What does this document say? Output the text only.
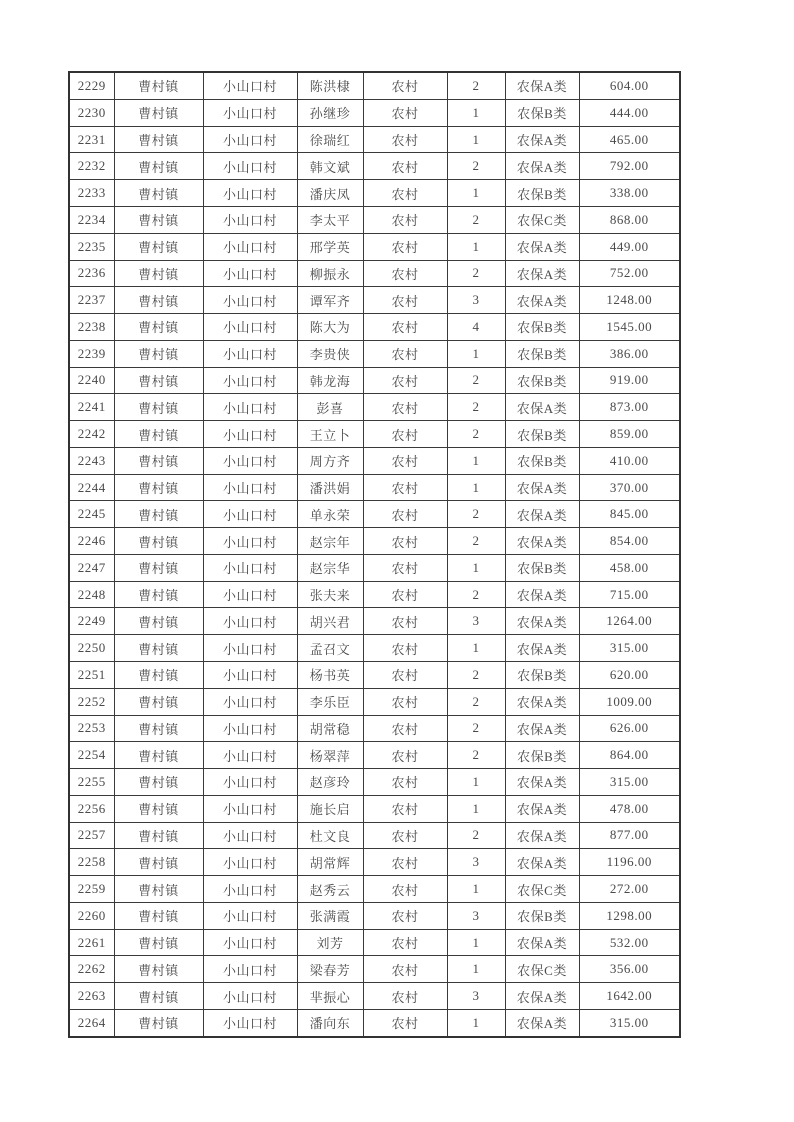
2229	曹村镇	小山口村	陈洪棣	农村	2	农保A类	604.00
2230	曹村镇	小山口村	孙继珍	农村	1	农保B类	444.00
2231	曹村镇	小山口村	徐瑞红	农村	1	农保A类	465.00
2232	曹村镇	小山口村	韩文斌	农村	2	农保A类	792.00
2233	曹村镇	小山口村	潘庆凤	农村	1	农保B类	338.00
2234	曹村镇	小山口村	李太平	农村	2	农保C类	868.00
2235	曹村镇	小山口村	邢学英	农村	1	农保A类	449.00
2236	曹村镇	小山口村	柳振永	农村	2	农保A类	752.00
2237	曹村镇	小山口村	谭军齐	农村	3	农保A类	1248.00
2238	曹村镇	小山口村	陈大为	农村	4	农保B类	1545.00
2239	曹村镇	小山口村	李贵侠	农村	1	农保B类	386.00
2240	曹村镇	小山口村	韩龙海	农村	2	农保B类	919.00
2241	曹村镇	小山口村	彭喜	农村	2	农保A类	873.00
2242	曹村镇	小山口村	王立卜	农村	2	农保B类	859.00
2243	曹村镇	小山口村	周方齐	农村	1	农保B类	410.00
2244	曹村镇	小山口村	潘洪娟	农村	1	农保A类	370.00
2245	曹村镇	小山口村	单永荣	农村	2	农保A类	845.00
2246	曹村镇	小山口村	赵宗年	农村	2	农保A类	854.00
2247	曹村镇	小山口村	赵宗华	农村	1	农保B类	458.00
2248	曹村镇	小山口村	张夫来	农村	2	农保A类	715.00
2249	曹村镇	小山口村	胡兴君	农村	3	农保A类	1264.00
2250	曹村镇	小山口村	孟召文	农村	1	农保A类	315.00
2251	曹村镇	小山口村	杨书英	农村	2	农保B类	620.00
2252	曹村镇	小山口村	李乐臣	农村	2	农保A类	1009.00
2253	曹村镇	小山口村	胡常稳	农村	2	农保A类	626.00
2254	曹村镇	小山口村	杨翠萍	农村	2	农保B类	864.00
2255	曹村镇	小山口村	赵彦玲	农村	1	农保A类	315.00
2256	曹村镇	小山口村	施长启	农村	1	农保A类	478.00
2257	曹村镇	小山口村	杜文良	农村	2	农保A类	877.00
2258	曹村镇	小山口村	胡常辉	农村	3	农保A类	1196.00
2259	曹村镇	小山口村	赵秀云	农村	1	农保C类	272.00
2260	曹村镇	小山口村	张满霞	农村	3	农保B类	1298.00
2261	曹村镇	小山口村	刘芳	农村	1	农保A类	532.00
2262	曹村镇	小山口村	梁春芳	农村	1	农保C类	356.00
2263	曹村镇	小山口村	芈振心	农村	3	农保A类	1642.00
2264	曹村镇	小山口村	潘向东	农村	1	农保A类	315.00
